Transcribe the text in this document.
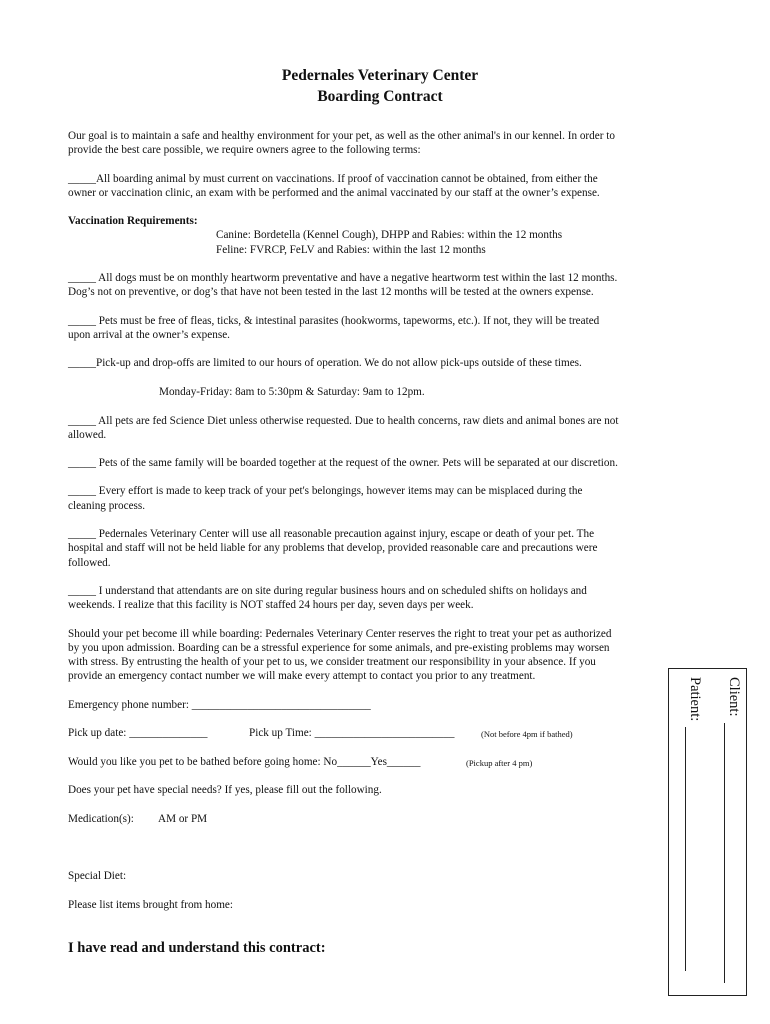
Pedernales Veterinary Center
Boarding Contract
Our goal is to maintain a safe and healthy environment for your pet, as well as the other animal's in our kennel. In order to
provide the best care possible, we require owners agree to the following terms:
_____All boarding animal by must current on vaccinations. If proof of vaccination cannot be obtained, from either the
owner or vaccination clinic, an exam with be performed and the animal vaccinated by our staff at the owner’s expense.
Vaccination Requirements:
Canine: Bordetella (Kennel Cough), DHPP and Rabies: within the 12 months
Feline: FVRCP, FeLV and Rabies: within the last 12 months
_____ All dogs must be on monthly heartworm preventative and have a negative heartworm test within the last 12 months.
Dog’s not on preventive, or dog’s that have not been tested in the last 12 months will be tested at the owners expense.
_____ Pets must be free of fleas, ticks, & intestinal parasites (hookworms, tapeworms, etc.). If not, they will be treated
upon arrival at the owner’s expense.
_____Pick-up and drop-offs are limited to our hours of operation. We do not allow pick-ups outside of these times.
Monday-Friday: 8am to 5:30pm & Saturday: 9am to 12pm.
_____ All pets are fed Science Diet unless otherwise requested. Due to health concerns, raw diets and animal bones are not
allowed.
_____ Pets of the same family will be boarded together at the request of the owner. Pets will be separated at our discretion.
_____ Every effort is made to keep track of your pet's belongings, however items may can be misplaced during the
cleaning process.
_____ Pedernales Veterinary Center will use all reasonable precaution against injury, escape or death of your pet. The
hospital and staff will not be held liable for any problems that develop, provided reasonable care and precautions were
followed.
_____ I understand that attendants are on site during regular business hours and on scheduled shifts on holidays and
weekends. I realize that this facility is NOT staffed 24 hours per day, seven days per week.
Should your pet become ill while boarding: Pedernales Veterinary Center reserves the right to treat your pet as authorized
by you upon admission. Boarding can be a stressful experience for some animals, and pre-existing problems may worsen
with stress. By entrusting the health of your pet to us, we consider treatment our responsibility in your absence. If you
provide an emergency contact number we will make every attempt to contact you prior to any treatment.
Emergency phone number: ________________________________
Pick up date: ______________	Pick up Time: _________________________	(Not before 4pm if bathed)
Would you like you pet to be bathed before going home: No______Yes______	(Pickup after 4 pm)
Does your pet have special needs? If yes, please fill out the following.
Medication(s):	AM or PM
Special Diet:
Please list items brought from home:
I have read and understand this contract:
Client:
Patient:
